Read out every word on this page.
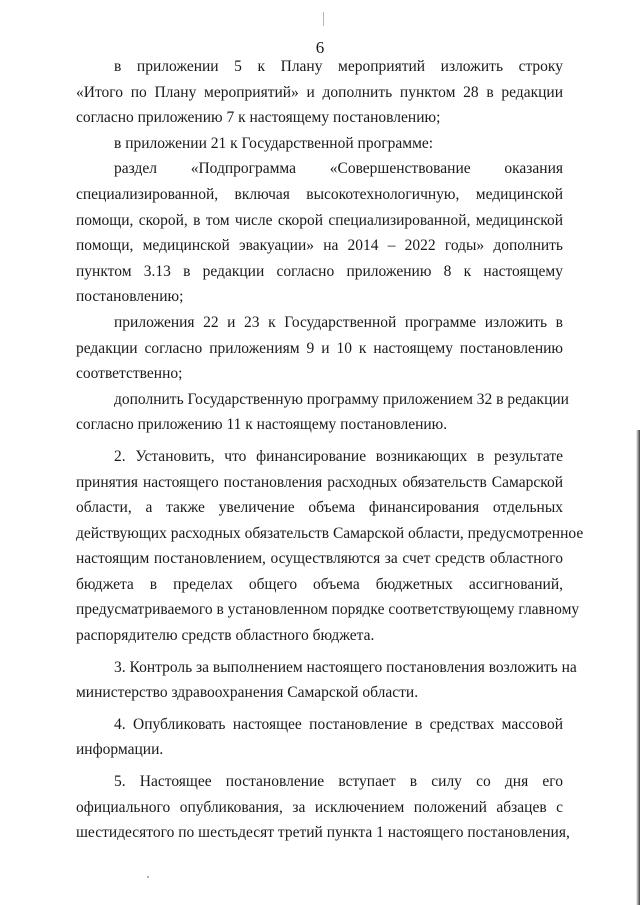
6
в приложении 5 к Плану мероприятий изложить строку
«Итого по Плану мероприятий» и дополнить пунктом 28 в редакции
согласно приложению 7 к настоящему постановлению;
в приложении 21 к Государственной программе:
раздел «Подпрограмма «Совершенствование оказания
специализированной, включая высокотехнологичную, медицинской
помощи, скорой, в том числе скорой специализированной, медицинской
помощи, медицинской эвакуации» на 2014 – 2022 годы» дополнить
пунктом 3.13 в редакции согласно приложению 8 к настоящему
постановлению;
приложения 22 и 23 к Государственной программе изложить в
редакции согласно приложениям 9 и 10 к настоящему постановлению
соответственно;
дополнить Государственную программу приложением 32 в редакции
согласно приложению 11 к настоящему постановлению.
2. Установить, что финансирование возникающих в результате
принятия настоящего постановления расходных обязательств Самарской
области, а также увеличение объема финансирования отдельных
действующих расходных обязательств Самарской области, предусмотренное
настоящим постановлением, осуществляются за счет средств областного
бюджета в пределах общего объема бюджетных ассигнований,
предусматриваемого в установленном порядке соответствующему главному
распорядителю средств областного бюджета.
3. Контроль за выполнением настоящего постановления возложить на
министерство здравоохранения Самарской области.
4. Опубликовать настоящее постановление в средствах массовой
информации.
5. Настоящее постановление вступает в силу со дня его
официального опубликования, за исключением положений абзацев с
шестидесятого по шестьдесят третий пункта 1 настоящего постановления,
